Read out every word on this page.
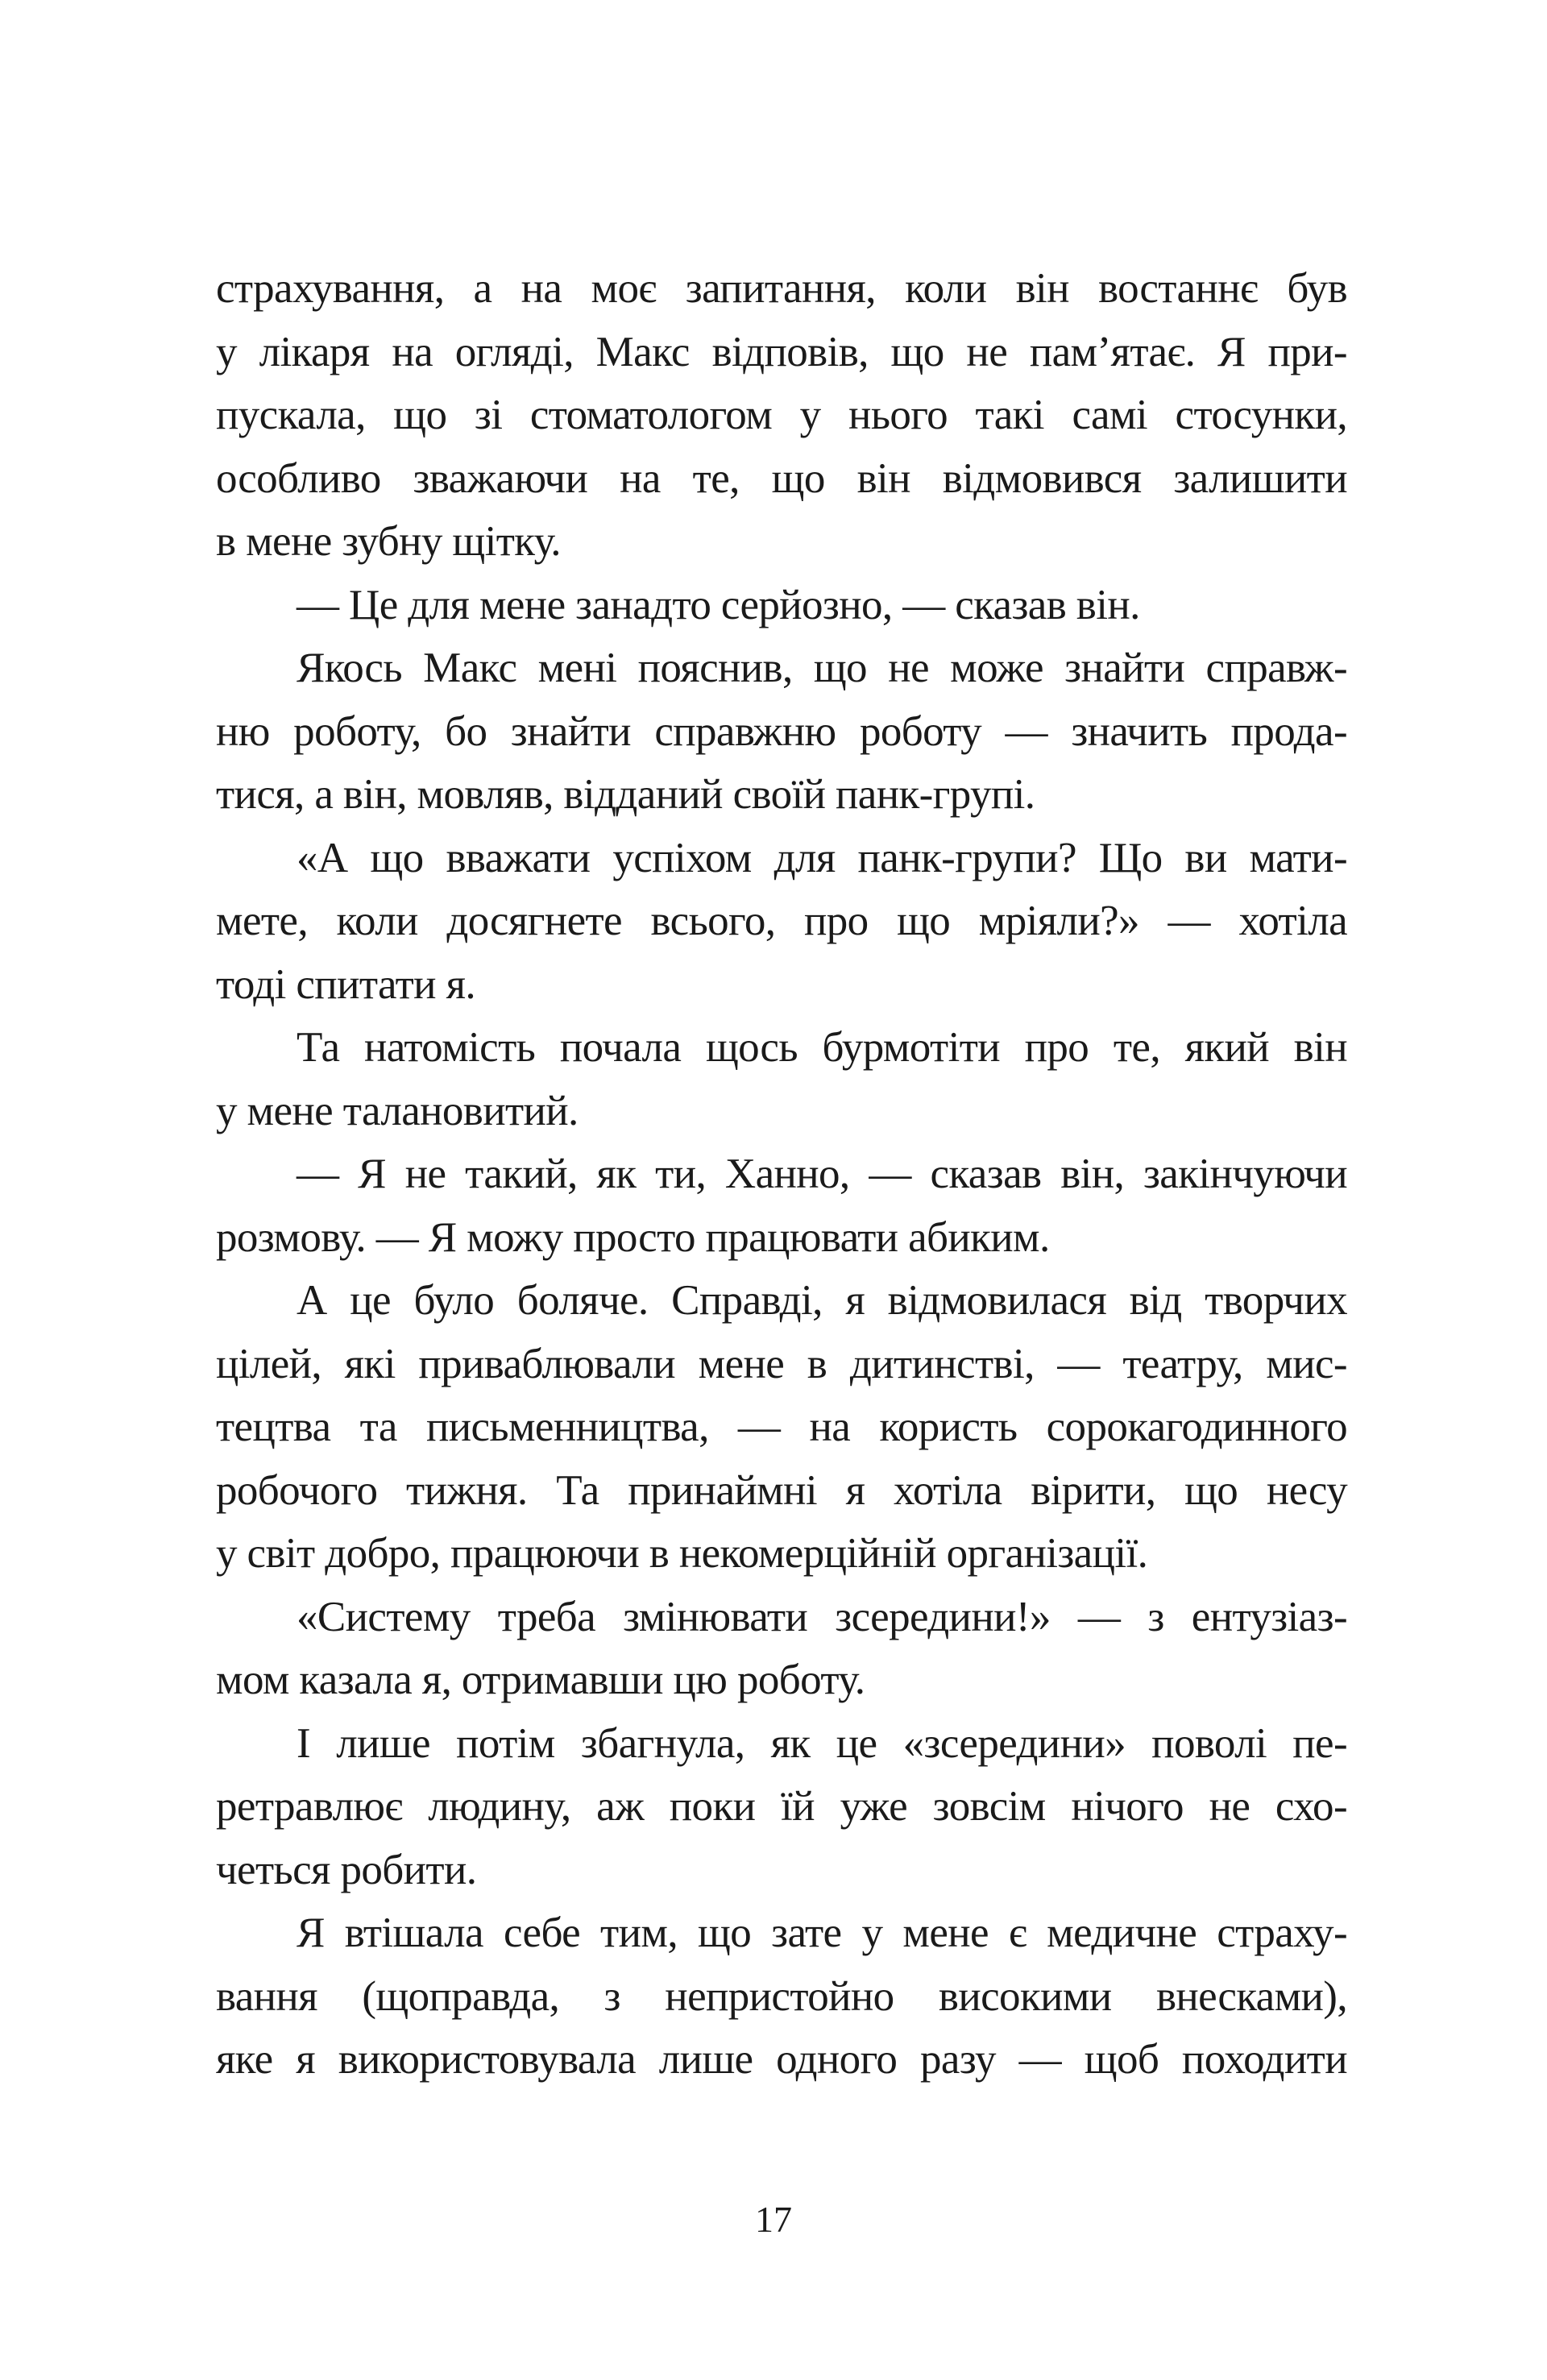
страхування, а на моє запитання, коли він востаннє був
у лікаря на огляді, Макс відповів, що не пам’ятає. Я при-
пускала, що зі стоматологом у нього такі самі стосунки,
особливо зважаючи на те, що він відмовився залишити
в мене зубну щітку.
— Це для мене занадто серйозно, — сказав він.
Якось Макс мені пояснив, що не може знайти справж-
ню роботу, бо знайти справжню роботу — значить прода-
тися, а він, мовляв, відданий своїй панк-групі.
«А що вважати успіхом для панк-групи? Що ви мати-
мете, коли досягнете всього, про що мріяли?» — хотіла
тоді спитати я.
Та натомість почала щось бурмотіти про те, який він
у мене талановитий.
— Я не такий, як ти, Ханно, — сказав він, закінчуючи
розмову. — Я можу просто працювати абиким.
А це було боляче. Справді, я відмовилася від творчих
цілей, які приваблювали мене в дитинстві, — театру, мис-
тецтва та письменництва, — на користь сорокагодинного
робочого тижня. Та принаймні я хотіла вірити, що несу
у світ добро, працюючи в некомерційній організації.
«Систему треба змінювати зсередини!» — з ентузіаз-
мом казала я, отримавши цю роботу.
І лише потім збагнула, як це «зсередини» поволі пе-
ретравлює людину, аж поки їй уже зовсім нічого не схо-
четься робити.
Я втішала себе тим, що зате у мене є медичне страху-
вання (щоправда, з непристойно високими внесками),
яке я використовувала лише одного разу — щоб походити
17
